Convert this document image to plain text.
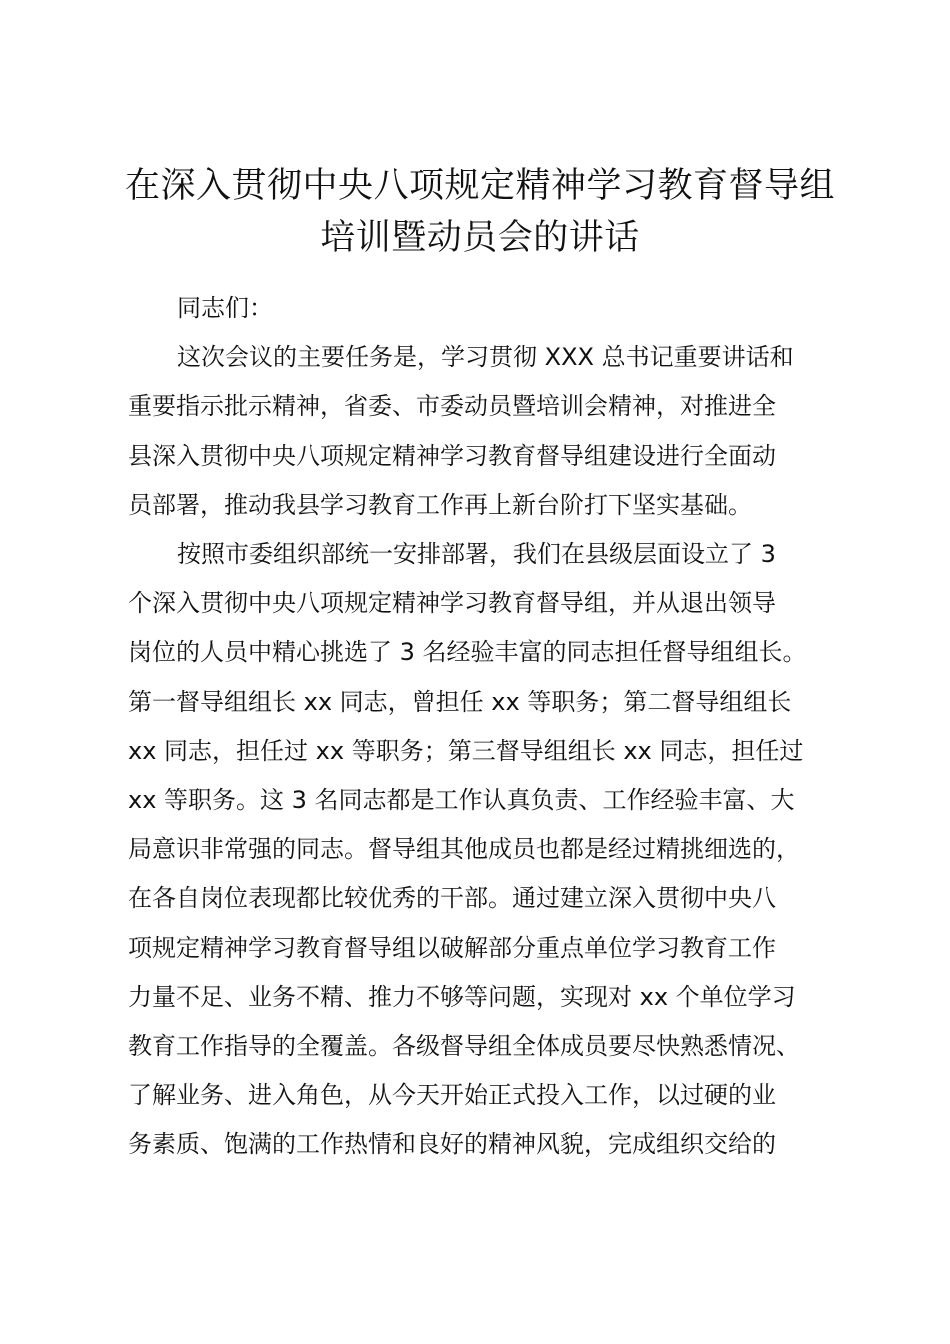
在深入贯彻中央八项规定精神学习教育督导组
培训暨动员会的讲话

同志们：

这次会议的主要任务是，学习贯彻 XXX 总书记重要讲话和

重要指示批示精神，省委、市委动员暨培训会精神，对推进全

县深入贯彻中央八项规定精神学习教育督导组建设进行全面动

员部署，推动我县学习教育工作再上新台阶打下坚实基础。

按照市委组织部统一安排部署，我们在县级层面设立了 3

个深入贯彻中央八项规定精神学习教育督导组，并从退出领导

岗位的人员中精心挑选了 3 名经验丰富的同志担任督导组组长。

第一督导组组长 xx 同志，曾担任 xx 等职务；第二督导组组长

xx 同志，担任过 xx 等职务；第三督导组组长 xx 同志，担任过

xx 等职务。这 3 名同志都是工作认真负责、工作经验丰富、大

局意识非常强的同志。督导组其他成员也都是经过精挑细选的，

在各自岗位表现都比较优秀的干部。通过建立深入贯彻中央八

项规定精神学习教育督导组以破解部分重点单位学习教育工作

力量不足、业务不精、推力不够等问题，实现对 xx 个单位学习

教育工作指导的全覆盖。各级督导组全体成员要尽快熟悉情况、

了解业务、进入角色，从今天开始正式投入工作，以过硬的业

务素质、饱满的工作热情和良好的精神风貌，完成组织交给的
